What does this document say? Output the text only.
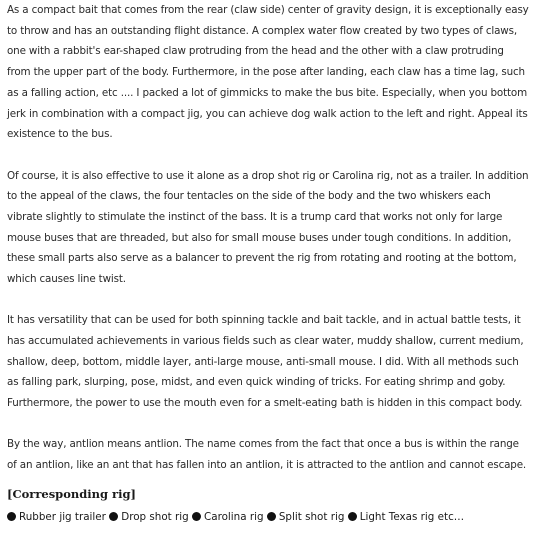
As a compact bait that comes from the rear (claw side) center of gravity design, it is exceptionally easy to throw and has an outstanding flight distance. A complex water flow created by two types of claws, one with a rabbit's ear-shaped claw protruding from the head and the other with a claw protruding from the upper part of the body. Furthermore, in the pose after landing, each claw has a time lag, such as a falling action, etc .... I packed a lot of gimmicks to make the bus bite. Especially, when you bottom jerk in combination with a compact jig, you can achieve dog walk action to the left and right. Appeal its existence to the bus.

Of course, it is also effective to use it alone as a drop shot rig or Carolina rig, not as a trailer. In addition to the appeal of the claws, the four tentacles on the side of the body and the two whiskers each vibrate slightly to stimulate the instinct of the bass. It is a trump card that works not only for large mouse buses that are threaded, but also for small mouse buses under tough conditions. In addition, these small parts also serve as a balancer to prevent the rig from rotating and rooting at the bottom, which causes line twist.

It has versatility that can be used for both spinning tackle and bait tackle, and in actual battle tests, it has accumulated achievements in various fields such as clear water, muddy shallow, current medium, shallow, deep, bottom, middle layer, anti-large mouse, anti-small mouse. I did. With all methods such as falling park, slurping, pose, midst, and even quick winding of tricks. For eating shrimp and goby. Furthermore, the power to use the mouth even for a smelt-eating bath is hidden in this compact body.

By the way, antlion means antlion. The name comes from the fact that once a bus is within the range of an antlion, like an ant that has fallen into an antlion, it is attracted to the antlion and cannot escape.

[Corresponding rig]
Rubber jig trailer Drop shot rig Carolina rig Split shot rig Light Texas rig etc…
